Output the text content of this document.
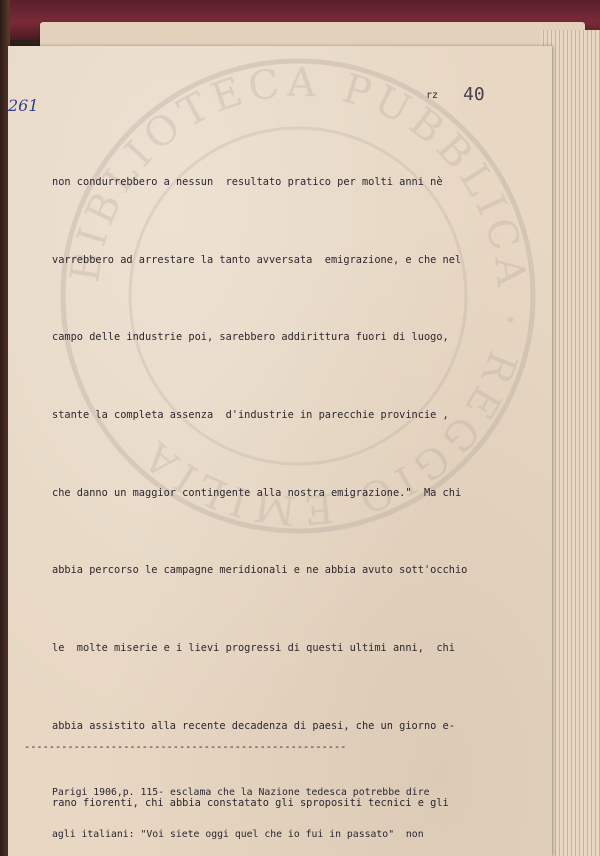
BIBLIOTECA PUBBLICA · REGGIO EMILIA
261
rz 40

non condurrebbero a nessun  resultato pratico per molti anni nè

varrebbero ad arrestare la tanto avversata  emigrazione, e che nel

campo delle industrie poi, sarebbero addirittura fuori di luogo,

stante la completa assenza  d'industrie in parecchie provincie ,

che danno un maggior contingente alla nostra emigrazione."  Ma chi

abbia percorso le campagne meridionali e ne abbia avuto sott'occhio

le  molte miserie e i lievi progressi di questi ultimi anni,  chi

abbia assistito alla recente decadenza di paesi, che un giorno e-

rano fiorenti, chi abbia constatato gli spropositi tecnici e gli

----------------------------------------------------

Parigi 1906,p. 115- esclama che la Nazione tedesca potrebbe dire

agli italiani: "Voi siete oggi quel che io fui in passato"  non
